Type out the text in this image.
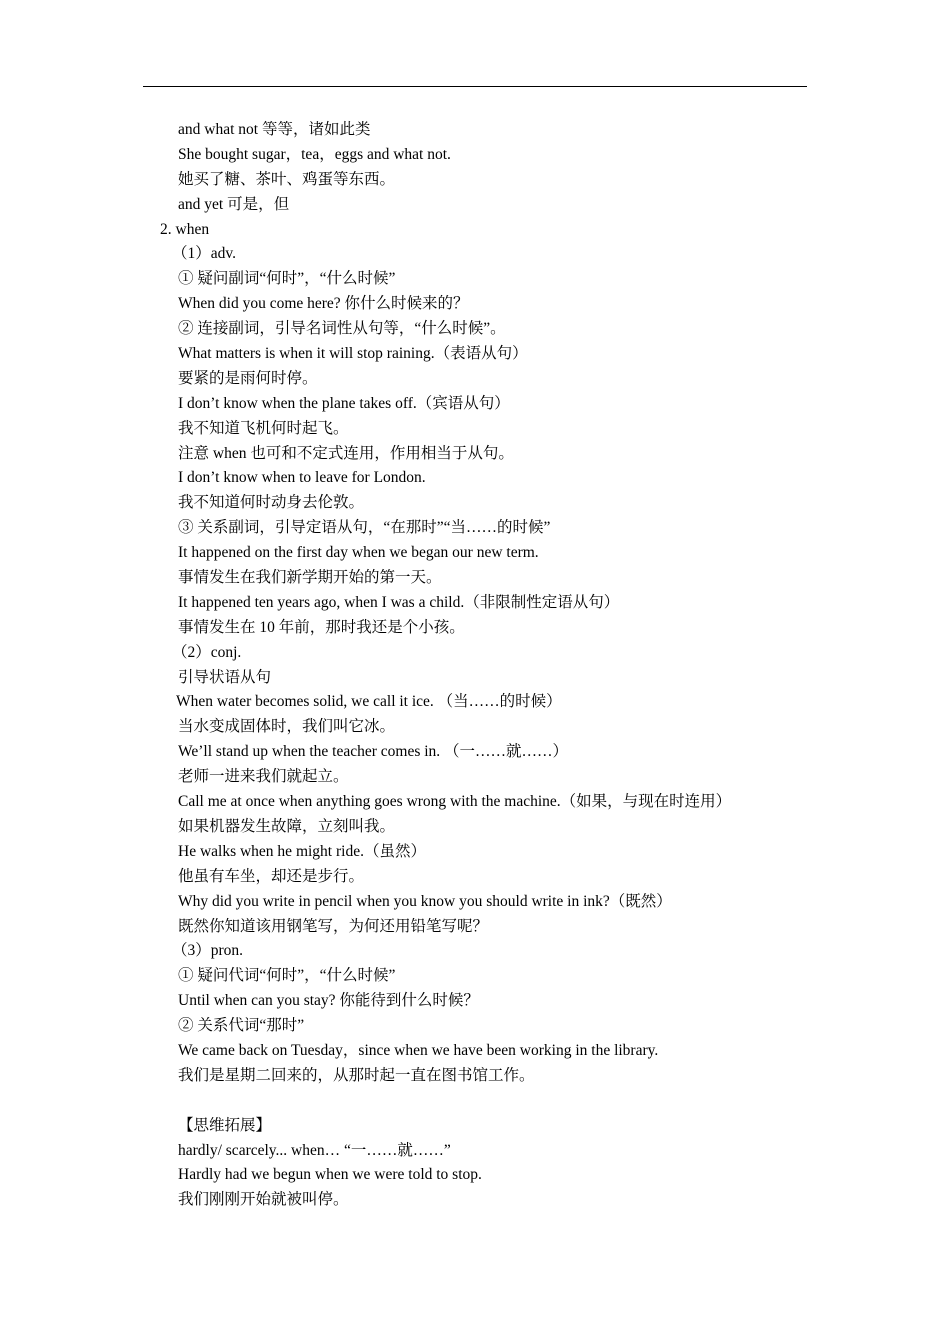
and what not 等等，诸如此类
She bought sugar，tea，eggs and what not.
她买了糖、茶叶、鸡蛋等东西。
and yet 可是，但
2. when
（1）adv.
① 疑问副词“何时”，“什么时候”
When did you come here? 你什么时候来的？
② 连接副词，引导名词性从句等，“什么时候”。
What matters is when it will stop raining.（表语从句）
要紧的是雨何时停。
I don’t know when the plane takes off.（宾语从句）
我不知道飞机何时起飞。
注意 when 也可和不定式连用，作用相当于从句。
I don’t know when to leave for London.
我不知道何时动身去伦敦。
③ 关系副词，引导定语从句，“在那时”“当……的时候”
It happened on the first day when we began our new term.
事情发生在我们新学期开始的第一天。
It happened ten years ago, when I was a child.（非限制性定语从句）
事情发生在 10 年前，那时我还是个小孩。
（2）conj.
引导状语从句
When water becomes solid, we call it ice. （当……的时候）
当水变成固体时，我们叫它冰。
We’ll stand up when the teacher comes in. （一……就……）
老师一进来我们就起立。
Call me at once when anything goes wrong with the machine.（如果，与现在时连用）
如果机器发生故障，立刻叫我。
He walks when he might ride.（虽然）
他虽有车坐，却还是步行。
Why did you write in pencil when you know you should write in ink?（既然）
既然你知道该用钢笔写，为何还用铅笔写呢？
（3）pron.
① 疑问代词“何时”，“什么时候”
Until when can you stay? 你能待到什么时候？
② 关系代词“那时”
We came back on Tuesday，since when we have been working in the library.
我们是星期二回来的，从那时起一直在图书馆工作。
【思维拓展】
hardly/ scarcely... when… “一……就……”
Hardly had we begun when we were told to stop.
我们刚刚开始就被叫停。
